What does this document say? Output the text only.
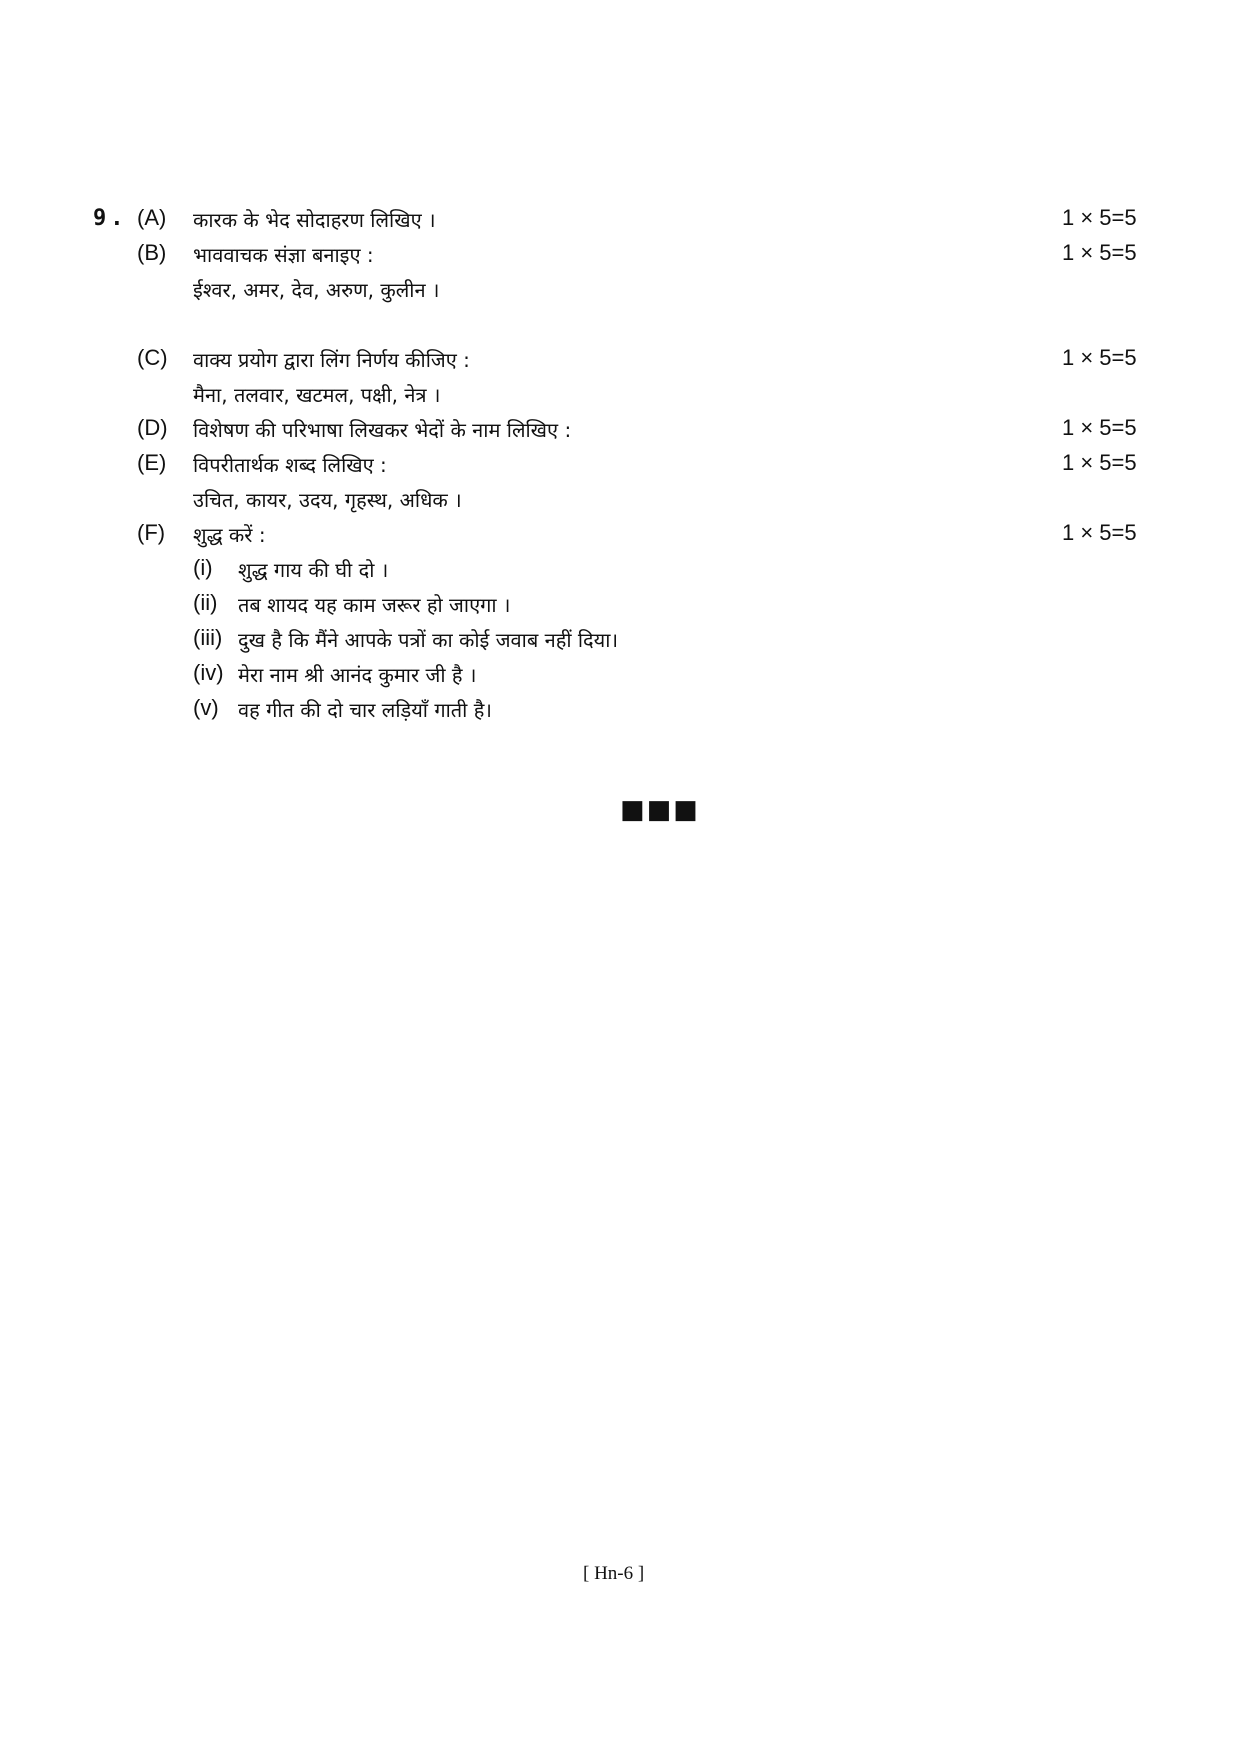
9. (A) कारक के भेद सोदाहरण लिखिए ।	1 × 5=5
(B) भाववाचक संज्ञा बनाइए :	1 × 5=5
ईश्वर, अमर, देव, अरुण, कुलीन ।
(C) वाक्य प्रयोग द्वारा लिंग निर्णय कीजिए :	1 × 5=5
मैना, तलवार, खटमल, पक्षी, नेत्र ।
(D) विशेषण की परिभाषा लिखकर भेदों के नाम लिखिए :	1 × 5=5
(E) विपरीतार्थक शब्द लिखिए :	1 × 5=5
उचित, कायर, उदय, गृहस्थ, अधिक ।
(F) शुद्ध करें :	1 × 5=5
(i) शुद्ध गाय की घी दो ।
(ii) तब शायद यह काम जरूर हो जाएगा ।
(iii) दुख है कि मैंने आपके पत्रों का कोई जवाब नहीं दिया।
(iv) मेरा नाम श्री आनंद कुमार जी है ।
(v) वह गीत की दो चार लड़ियाँ गाती है।
■■■
[ Hn-6 ]
